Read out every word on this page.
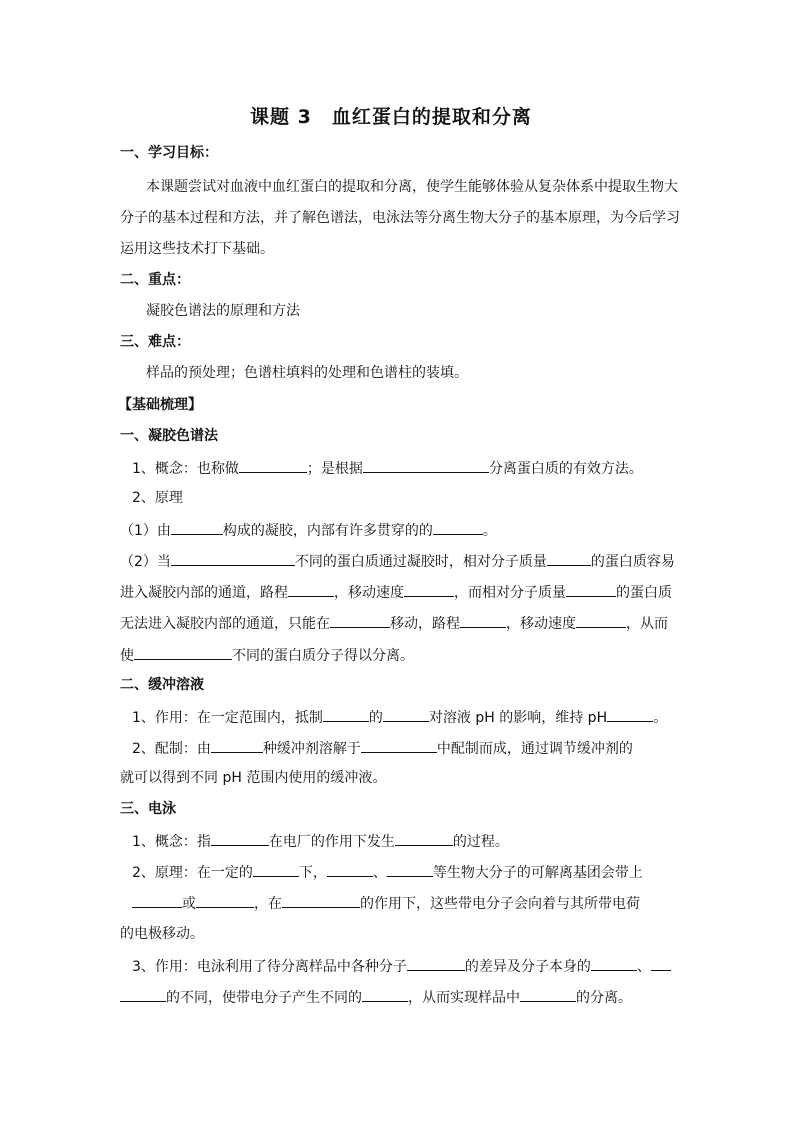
课题 3　血红蛋白的提取和分离
一、学习目标：
本课题尝试对血液中血红蛋白的提取和分离，使学生能够体验从复杂体系中提取生物大
分子的基本过程和方法，并了解色谱法，电泳法等分离生物大分子的基本原理，为今后学习
运用这些技术打下基础。
二、重点：
凝胶色谱法的原理和方法
三、难点：
样品的预处理；色谱柱填料的处理和色谱柱的装填。
【基础梳理】
一、凝胶色谱法
1、概念：也称做	；是根据	分离蛋白质的有效方法。
2、原理
（1）由	构成的凝胶，内部有许多贯穿的的	。
（2）当	不同的蛋白质通过凝胶时，相对分子质量	的蛋白质容易
进入凝胶内部的通道，路程	，移动速度	，而相对分子质量	的蛋白质
无法进入凝胶内部的通道，只能在	移动，路程	，移动速度	，从而
使	不同的蛋白质分子得以分离。
二、缓冲溶液
1、作用：在一定范围内，抵制	的	对溶液 pH 的影响，维持 pH	。
2、配制：由	种缓冲剂溶解于	中配制而成，通过调节缓冲剂的
就可以得到不同 pH 范围内使用的缓冲液。
三、电泳
1、概念：指	在电厂的作用下发生	的过程。
2、原理：在一定的	下，	、	等生物大分子的可解离基团会带上
或	，在	的作用下，这些带电分子会向着与其所带电荷
的电极移动。
3、作用：电泳利用了待分离样品中各种分子	的差异及分子本身的	、
的不同，使带电分子产生不同的	，从而实现样品中	的分离。
